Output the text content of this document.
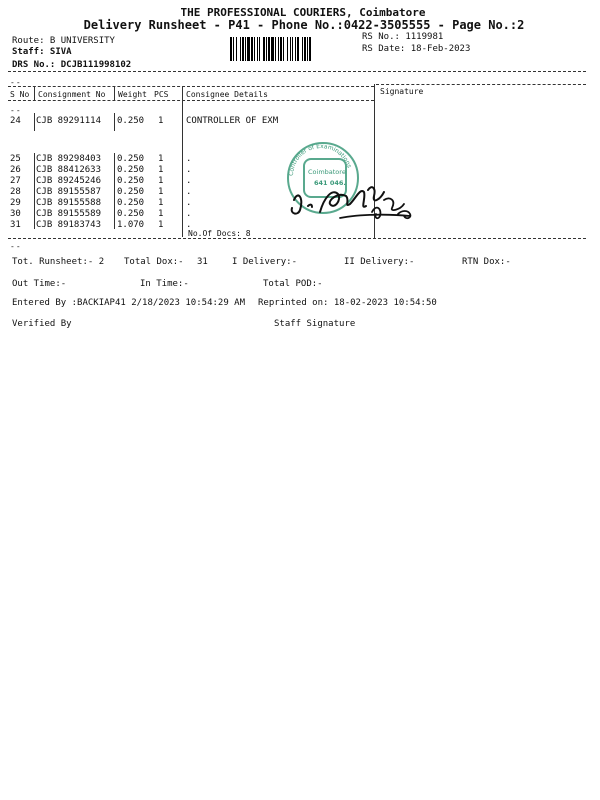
THE PROFESSIONAL COURIERS, Coimbatore
Delivery Runsheet - P41 - Phone No.:0422-3505555 - Page No.:2
Route: B UNIVERSITY
Staff: SIVA
DRS No.: DCJB111998102
RS No.: 1119981
RS Date: 18-Feb-2023
--
S No Consignment No Weight PCS Consignee Details	Signature
--
24 CJB 89291114 0.250 1	CONTROLLER OF EXM
25 CJB 89298403 0.250 1	.
26 CJB 88412633 0.250 1	.
27 CJB 89245246 0.250 1	.
28 CJB 89155587 0.250 1	.
29 CJB 89155588 0.250 1	.
30 CJB 89155589 0.250 1	.
31 CJB 89183743 1.070 1	.
No.Of Docs: 8
--
Controller of Examinations
Coimbatore
641 046.
Tot. Runsheet:- 2 Total Dox:- 31	I Delivery:-	II Delivery:-	RTN Dox:-
Out Time:-	In Time:-	Total POD:-
Entered By :BACKIAP41 2/18/2023 10:54:29 AM Reprinted on: 18-02-2023 10:54:50
Verified By	Staff Signature
